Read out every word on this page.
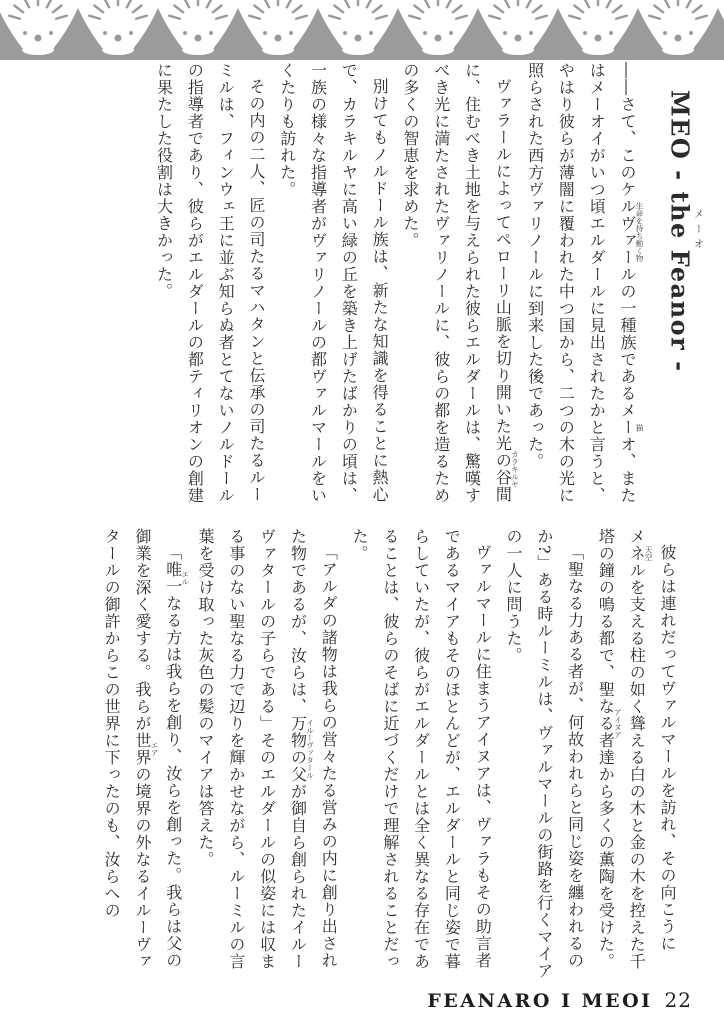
MEO - the Feanor - メーオ

――さて、このケルヴァール生命を持ち動く物の一種族であるメーオ猫、またはメーオイがいつ頃エルダールに見出されたかと言うと、やはり彼らが薄闇に覆われた中つ国から、二つの木の光に照らされた西方ヴァリノールに到来した後であった。

ヴァラールによってペローリ山脈を切り開いた光の谷間カラキルヤに、住むべき土地を与えられた彼らエルダールは、驚嘆すべき光に満たされたヴァリノールに、彼らの都を造るための多くの智恵を求めた。

別けてもノルドール族は、新たな知識を得ることに熱心で、カラキルヤに高い緑の丘を築き上げたばかりの頃は、一族の様々な指導者がヴァリノールの都ヴァルマールをいくたりも訪れた。

その内の二人、匠の司たるマハタンと伝承の司たるルーミルは、フィンウェ王に並ぶ知らぬ者とてないノルドールの指導者であり、彼らがエルダールの都ティリオンの創建に果たした役割は大きかった。

彼らは連れだってヴァルマールを訪れ、その向こうにメネル天空を支える柱の如く聳える白の木と金の木を控えた千塔の鐘の鳴る都で、聖なる者達アイヌアから多くの薫陶を受けた。

「聖なる力ある者が、何故われらと同じ姿を纏われるのか?」ある時ルーミルは、ヴァルマールの街路を行くマイアの一人に問うた。

ヴァルマールに住まうアイヌアは、ヴァラもその助言者であるマイアもそのほとんどが、エルダールと同じ姿で暮らしていたが、彼らがエルダールとは全く異なる存在であることは、彼らのそばに近づくだけで理解されることだった。

「アルダの諸物は我らの営々たる営みの内に創り出された物であるが、汝らは、万物の父イルーヴァタールが御自ら創られたイルーヴァタールの子らである」そのエルダールの似姿には収まる事のない聖なる力で辺りを輝かせながら、ルーミルの言葉を受け取った灰色の髪のマイアは答えた。

「唯一エルなる方は我らを創り、汝らを創った。我らは父の御業を深く愛する。我らが世界エアの境界の外なるイルーヴァタールの御許からこの世界に下ったのも、汝らへの

FEANARO I MEOI 22
